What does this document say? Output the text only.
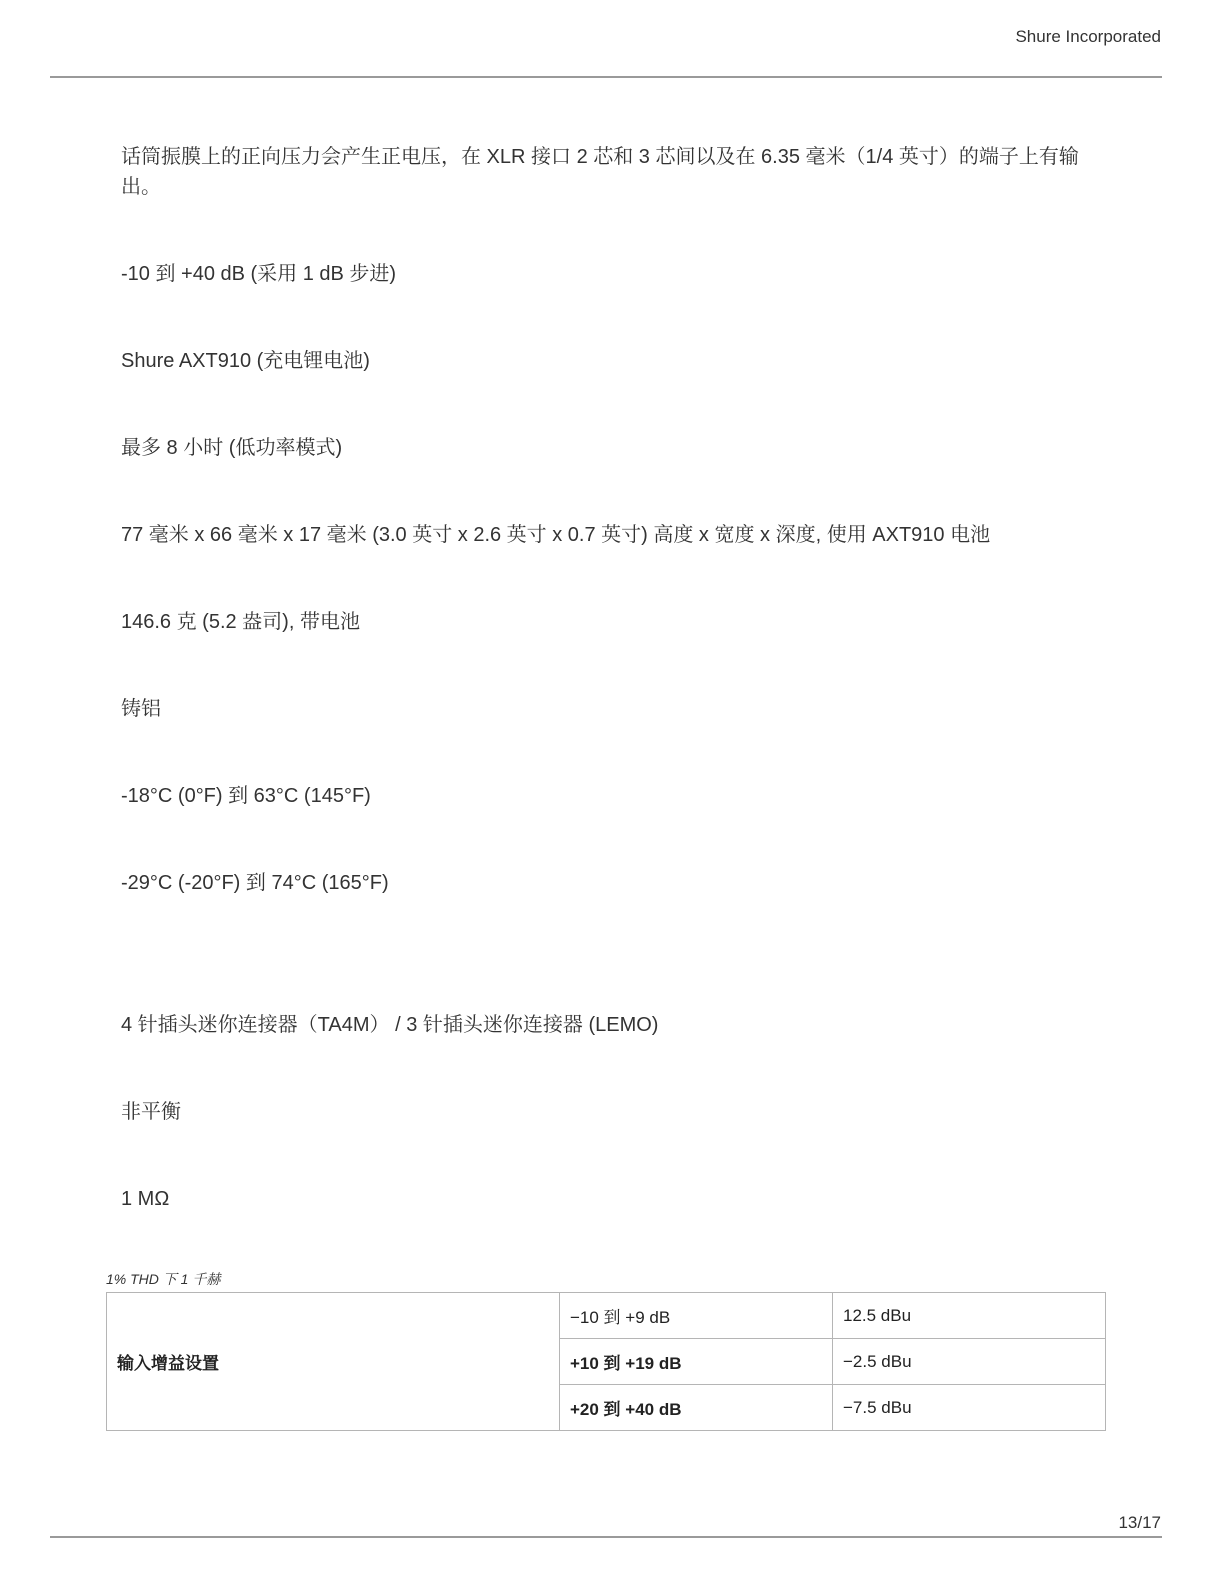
Shure Incorporated
话筒振膜上的正向压力会产生正电压，在 XLR 接口 2 芯和 3 芯间以及在 6.35 毫米（1/4 英寸）的端子上有输出。
-10 到 +40 dB (采用 1 dB 步进)
Shure AXT910 (充电锂电池)
最多 8 小时 (低功率模式)
77 毫米 x 66 毫米 x 17 毫米 (3.0 英寸 x 2.6 英寸 x 0.7 英寸) 高度 x 宽度 x 深度, 使用 AXT910 电池
146.6 克 (5.2 盎司), 带电池
铸铝
-18°C (0°F) 到 63°C (145°F)
-29°C (-20°F) 到 74°C (165°F)
4 针插头迷你连接器（TA4M） / 3 针插头迷你连接器 (LEMO)
非平衡
1 MΩ
1% THD 下 1 千赫
输入增益设置	−10 到 +9 dB	12.5 dBu
	+10 到 +19 dB	−2.5 dBu
	+20 到 +40 dB	−7.5 dBu
13/17
